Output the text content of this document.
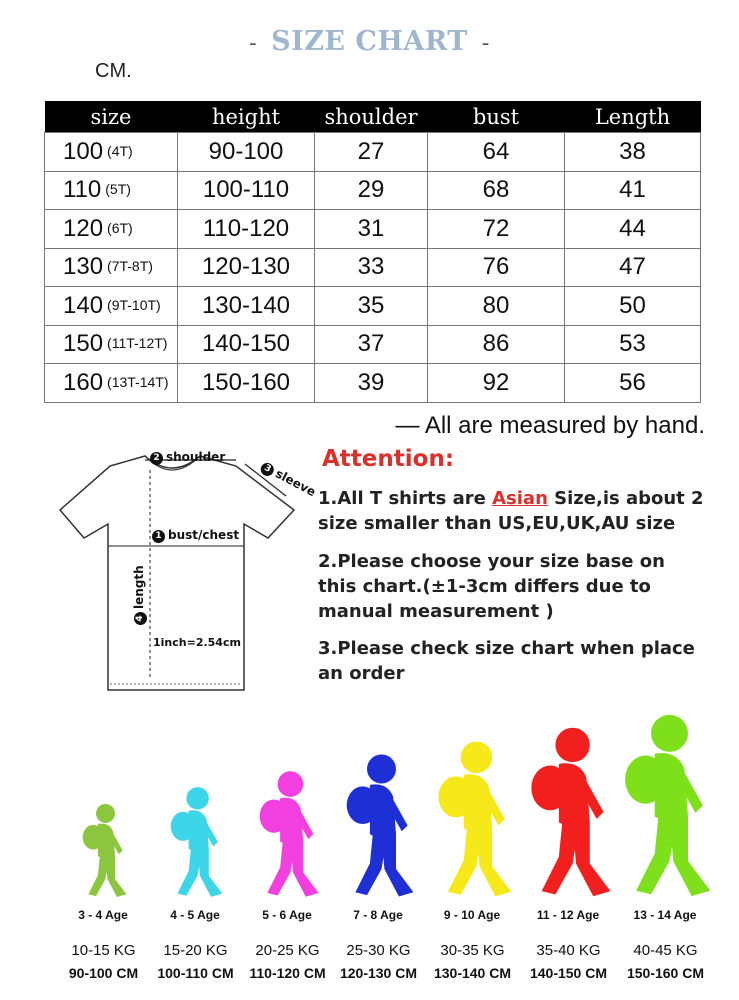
- SIZE CHART -
CM.
size	height	shoulder	bust	Length
100 (4T)	90-100	27	64	38
110 (5T)	100-110	29	68	41
120 (6T)	110-120	31	72	44
130 (7T-8T)	120-130	33	76	47
140 (9T-10T)	130-140	35	80	50
150 (11T-12T)	140-150	37	86	53
160 (13T-14T)	150-160	39	92	56
— All are measured by hand.
2 shoulder
3sleeve
1 bust/chest
4length
1inch=2.54cm
Attention:
1.All T shirts are Asian Size,is about 2 size smaller than US,EU,UK,AU size
2.Please choose your size base on this chart.(±1-3cm differs due to manual measurement )
3.Please check size chart when place an order
3 - 4 Age
10-15 KG
90-100 CM
4 - 5 Age
15-20 KG
100-110 CM
5 - 6 Age
20-25 KG
110-120 CM
7 - 8 Age
25-30 KG
120-130 CM
9 - 10 Age
30-35 KG
130-140 CM
11 - 12 Age
35-40 KG
140-150 CM
13 - 14 Age
40-45 KG
150-160 CM
